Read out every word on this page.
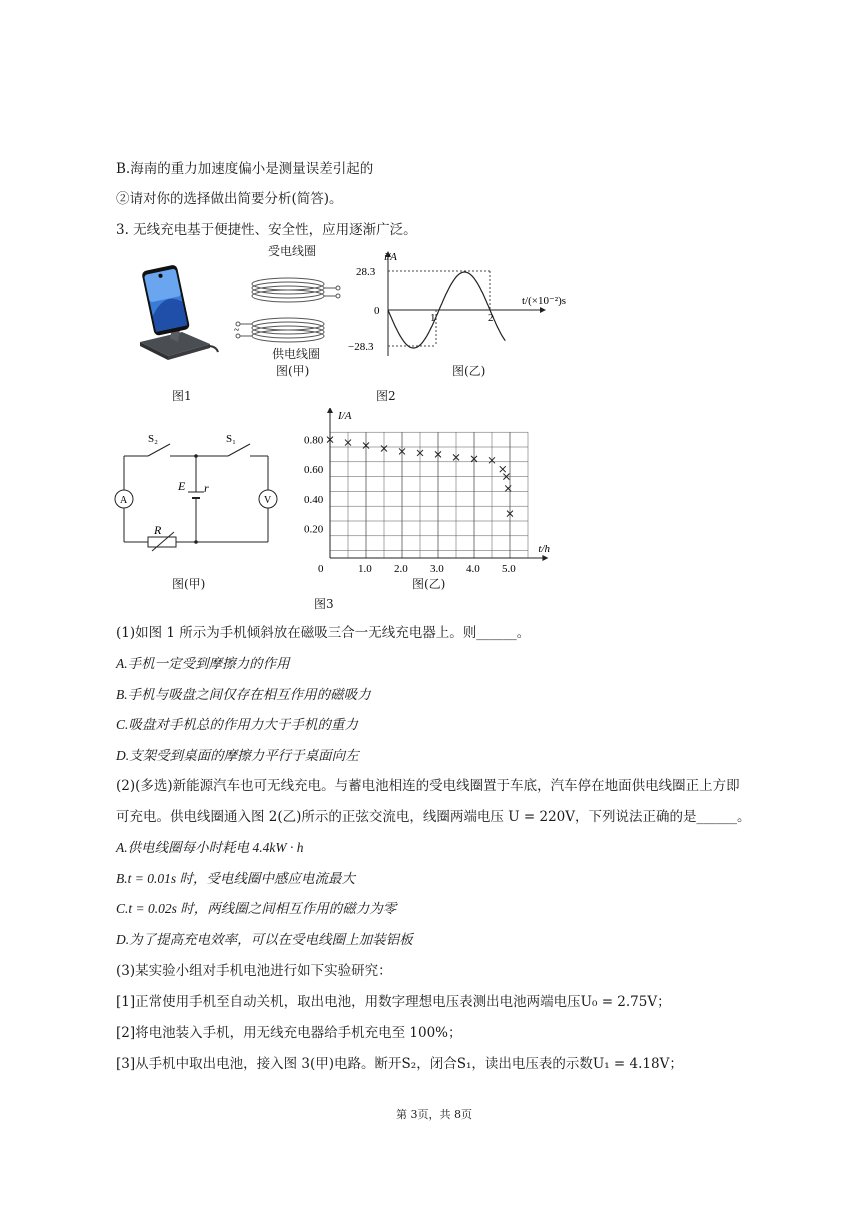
B.海南的重力加速度偏小是测量误差引起的
②请对你的选择做出简要分析(简答)。
3. 无线充电基于便捷性、安全性，应用逐渐广泛。
图1
~
受电线圈
供电线圈
图(甲)
图2
i/A
t/(×10⁻²)s
28.3
0
−28.3
1	2
图(乙)
S₂	S₁
E r
R
A	V
图(甲)
0.20
0.40
0.60
0.80
0	1.0 2.0 3.0 4.0 5.0
I/A
t/h
图(乙)
图3
(1)如图 1 所示为手机倾斜放在磁吸三合一无线充电器上。则______。
A.手机一定受到摩擦力的作用
B.手机与吸盘之间仅存在相互作用的磁吸力
C.吸盘对手机总的作用力大于手机的重力
D.支架受到桌面的摩擦力平行于桌面向左
(2)(多选)新能源汽车也可无线充电。与蓄电池相连的受电线圈置于车底，汽车停在地面供电线圈正上方即
可充电。供电线圈通入图 2(乙)所示的正弦交流电，线圈两端电压 U = 220V，下列说法正确的是______。
A.供电线圈每小时耗电 4.4kW · h
B.t = 0.01s 时，受电线圈中感应电流最大
C.t = 0.02s 时，两线圈之间相互作用的磁力为零
D.为了提高充电效率，可以在受电线圈上加装铝板
(3)某实验小组对手机电池进行如下实验研究：
[1]正常使用手机至自动关机，取出电池，用数字理想电压表测出电池两端电压U₀ = 2.75V；
[2]将电池装入手机，用无线充电器给手机充电至 100%；
[3]从手机中取出电池，接入图 3(甲)电路。断开S₂，闭合S₁，读出电压表的示数U₁ = 4.18V；
第 3页，共 8页
